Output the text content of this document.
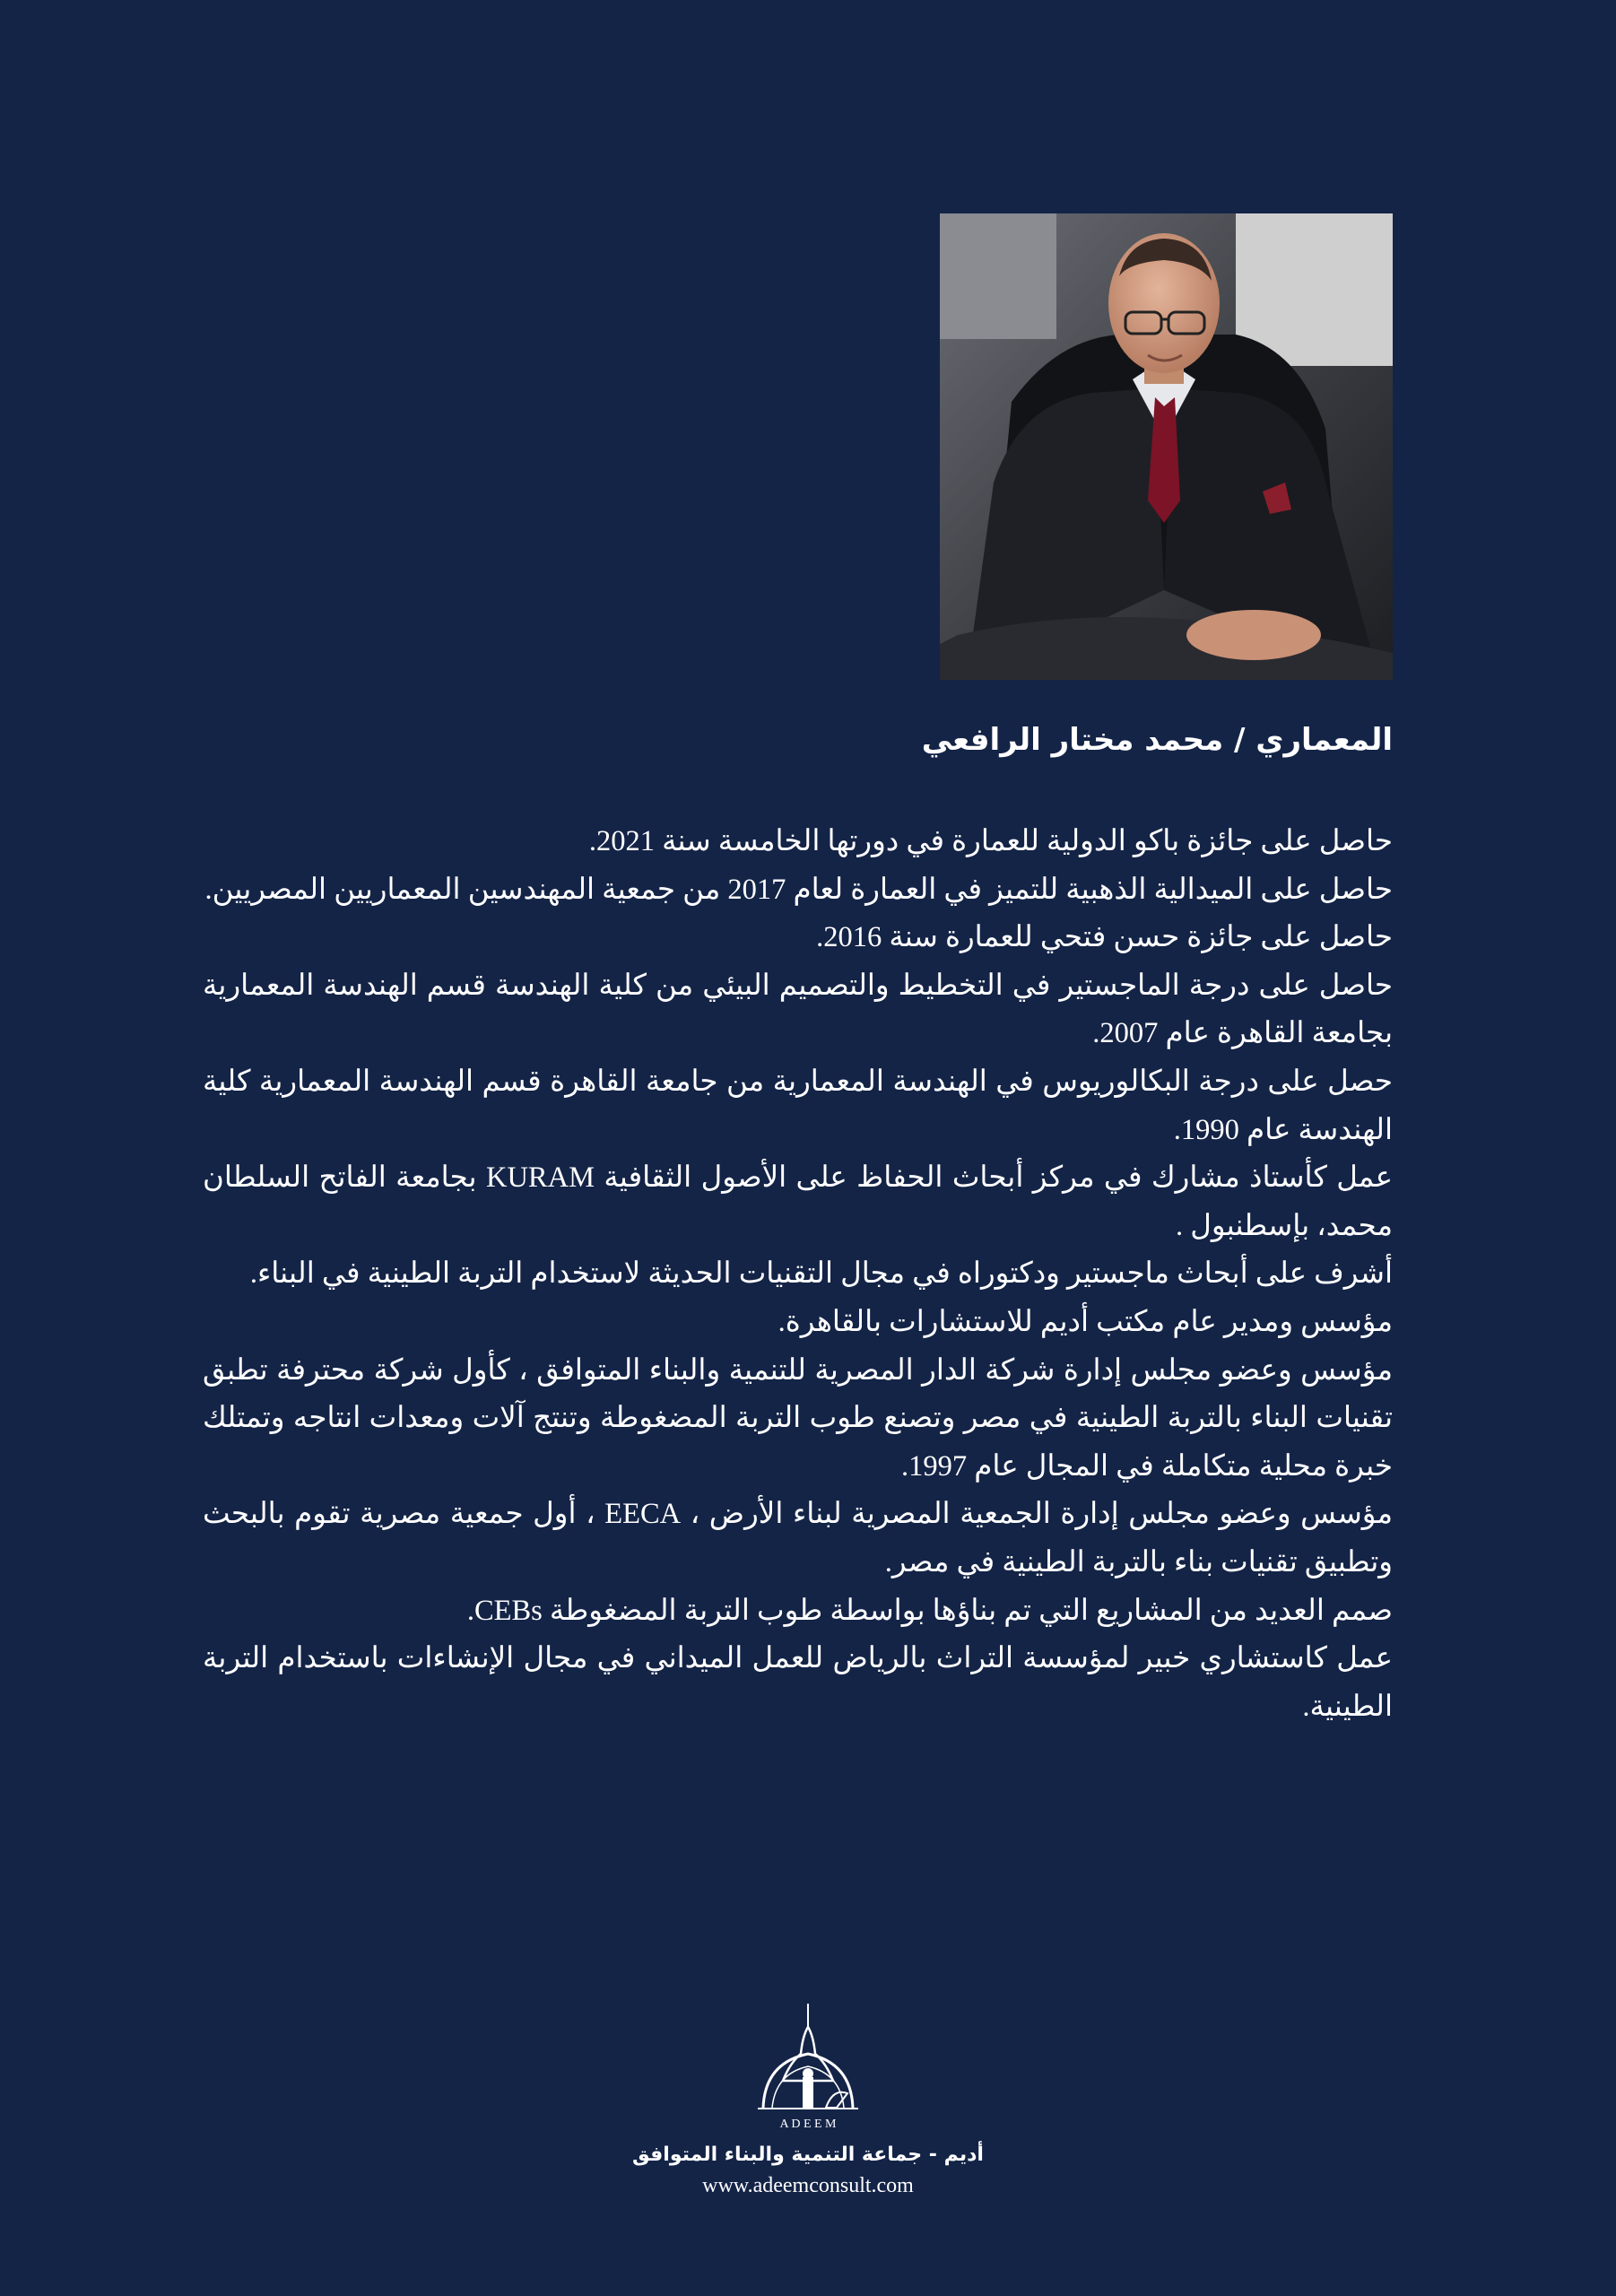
المعماري / محمد مختار الرافعي

حاصل على جائزة باكو الدولية للعمارة في دورتها الخامسة سنة 2021.

حاصل على الميدالية الذهبية للتميز في العمارة لعام 2017 من جمعية المهندسين المعماريين المصريين.

حاصل على جائزة حسن فتحي للعمارة سنة 2016.

حاصل على درجة الماجستير في التخطيط والتصميم البيئي من كلية الهندسة قسم الهندسة المعمارية بجامعة القاهرة عام 2007.

حصل على درجة البكالوريوس في الهندسة المعمارية من جامعة القاهرة قسم الهندسة المعمارية كلية الهندسة عام 1990.

عمل كأستاذ مشارك في مركز أبحاث الحفاظ على الأصول الثقافية KURAM بجامعة الفاتح السلطان محمد، بإسطنبول .

أشرف على أبحاث ماجستير ودكتوراه في مجال التقنيات الحديثة لاستخدام التربة الطينية في البناء.

مؤسس ومدير عام مكتب أديم للاستشارات بالقاهرة.

مؤسس وعضو مجلس إدارة شركة الدار المصرية للتنمية والبناء المتوافق ، كأول شركة محترفة تطبق تقنيات البناء بالتربة الطينية في مصر وتصنع طوب التربة المضغوطة وتنتج آلات ومعدات انتاجه وتمتلك خبرة محلية متكاملة في المجال عام 1997.

مؤسس وعضو مجلس إدارة الجمعية المصرية لبناء الأرض ، EECA ، أول جمعية مصرية تقوم بالبحث وتطبيق تقنيات بناء بالتربة الطينية في مصر.

صمم العديد من المشاريع التي تم بناؤها بواسطة طوب التربة المضغوطة CEBs.

عمل كاستشاري خبير لمؤسسة التراث بالرياض للعمل الميداني في مجال الإنشاءات باستخدام التربة الطينية.

A D E E M
أديم - جماعة التنمية والبناء المتوافق
www.adeemconsult.com
